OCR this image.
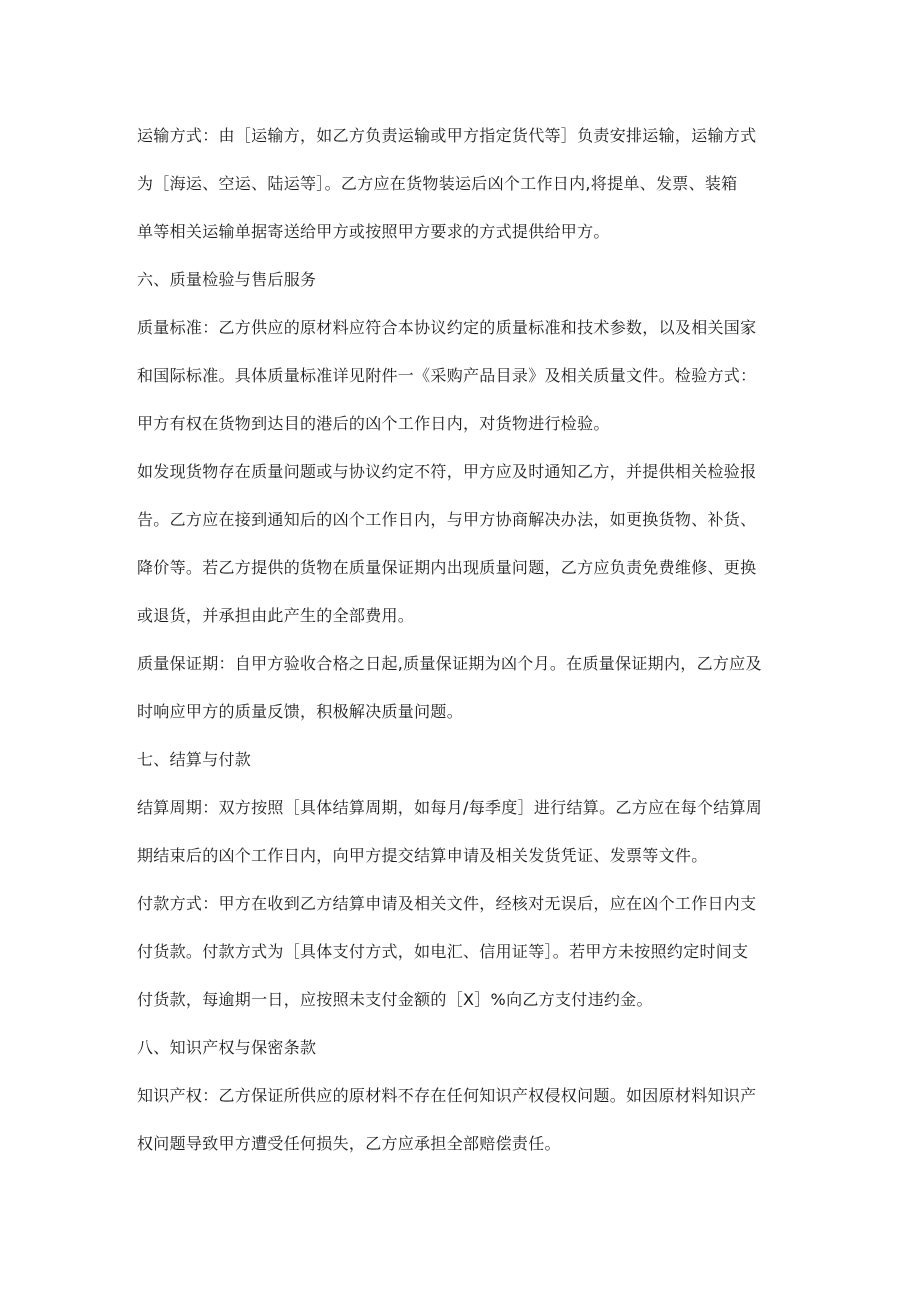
运输方式：由［运输方，如乙方负责运输或甲方指定货代等］负责安排运输，运输方式
为［海运、空运、陆运等］。乙方应在货物装运后凶个工作日内,将提单、发票、装箱
单等相关运输单据寄送给甲方或按照甲方要求的方式提供给甲方。
六、质量检验与售后服务
质量标准：乙方供应的原材料应符合本协议约定的质量标准和技术参数，以及相关国家
和国际标准。具体质量标准详见附件一《采购产品目录》及相关质量文件。检验方式：
甲方有权在货物到达目的港后的凶个工作日内，对货物进行检验。
如发现货物存在质量问题或与协议约定不符，甲方应及时通知乙方，并提供相关检验报
告。乙方应在接到通知后的凶个工作日内，与甲方协商解决办法，如更换货物、补货、
降价等。若乙方提供的货物在质量保证期内出现质量问题，乙方应负责免费维修、更换
或退货，并承担由此产生的全部费用。
质量保证期：自甲方验收合格之日起,质量保证期为凶个月。在质量保证期内，乙方应及
时响应甲方的质量反馈，积极解决质量问题。
七、结算与付款
结算周期：双方按照［具体结算周期，如每月/每季度］进行结算。乙方应在每个结算周
期结束后的凶个工作日内，向甲方提交结算申请及相关发货凭证、发票等文件。
付款方式：甲方在收到乙方结算申请及相关文件，经核对无误后，应在凶个工作日内支
付货款。付款方式为［具体支付方式，如电汇、信用证等］。若甲方未按照约定时间支
付货款，每逾期一日，应按照未支付金额的［X］%向乙方支付违约金。
八、知识产权与保密条款
知识产权：乙方保证所供应的原材料不存在任何知识产权侵权问题。如因原材料知识产
权问题导致甲方遭受任何损失，乙方应承担全部赔偿责任。
